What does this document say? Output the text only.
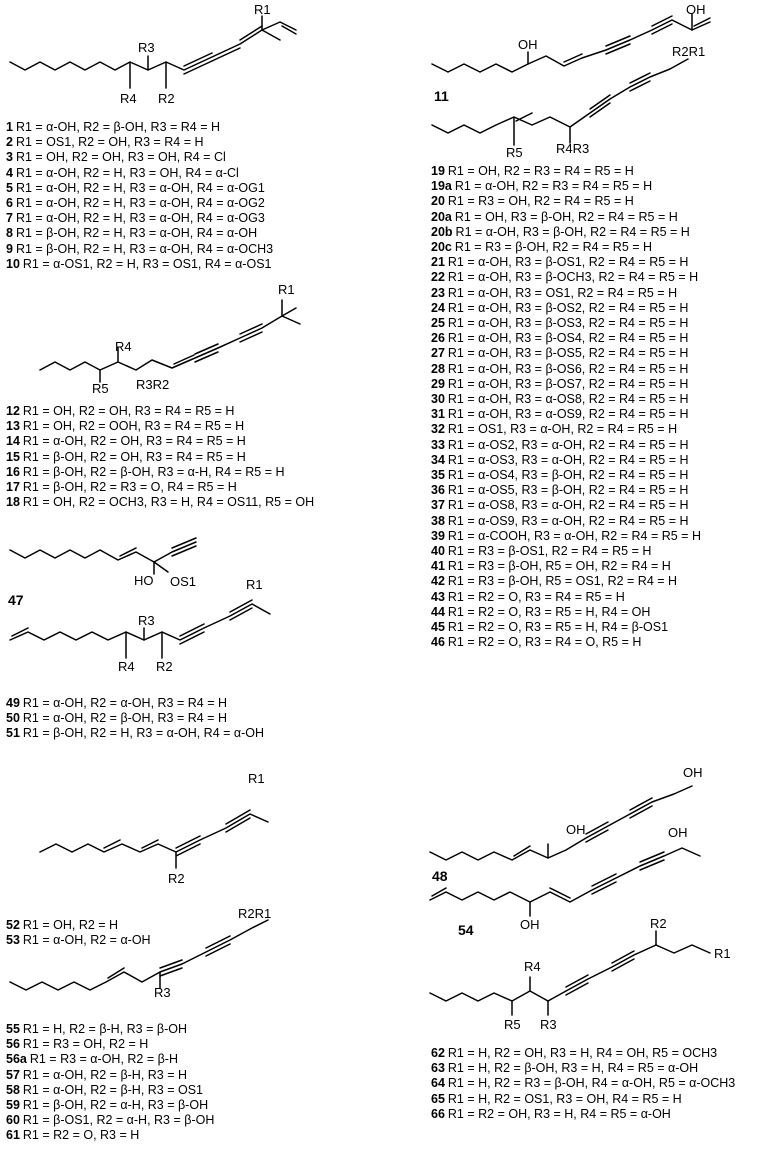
R1
R3
R4 R2
1 R1 = α-OH, R2 = β-OH, R3 = R4 = H
2 R1 = OS1, R2 = OH, R3 = R4 = H
3 R1 = OH, R2 = OH, R3 = OH, R4 = Cl
4 R1 = α-OH, R2 = H, R3 = OH, R4 = α-Cl
5 R1 = α-OH, R2 = H, R3 = α-OH, R4 = α-OG1
6 R1 = α-OH, R2 = H, R3 = α-OH, R4 = α-OG2
7 R1 = α-OH, R2 = H, R3 = α-OH, R4 = α-OG3
8 R1 = β-OH, R2 = H, R3 = α-OH, R4 = α-OH
9 R1 = β-OH, R2 = H, R3 = α-OH, R4 = α-OCH3
10 R1 = α-OS1, R2 = H, R3 = OS1, R4 = α-OS1
R1
R4
R5 R3R2
12 R1 = OH, R2 = OH, R3 = R4 = R5 = H
13 R1 = OH, R2 = OOH, R3 = R4 = R5 = H
14 R1 = α-OH, R2 = OH, R3 = R4 = R5 = H
15 R1 = β-OH, R2 = OH, R3 = R4 = R5 = H
16 R1 = β-OH, R2 = β-OH, R3 = α-H, R4 = R5 = H
17 R1 = β-OH, R2 = R3 = O, R4 = R5 = H
18 R1 = OH, R2 = OCH3, R3 = H, R4 = OS11, R5 = OH
47
HO OS1	R1
R3
R4 R2
49 R1 = α-OH, R2 = α-OH, R3 = R4 = H
50 R1 = α-OH, R2 = β-OH, R3 = R4 = H
51 R1 = β-OH, R2 = H, R3 = α-OH, R4 = α-OH
R1
R2
52 R1 = OH, R2 = H
53 R1 = α-OH, R2 = α-OH
R2R1
R3
55 R1 = H, R2 = β-H, R3 = β-OH
56 R1 = R3 = OH, R2 = H
56a R1 = R3 = α-OH, R2 = β-H
57 R1 = α-OH, R2 = β-H, R3 = H
58 R1 = α-OH, R2 = β-H, R3 = OS1
59 R1 = β-OH, R2 = α-H, R3 = β-OH
60 R1 = β-OS1, R2 = α-H, R3 = β-OH
61 R1 = R2 = O, R3 = H
11
OH
OH
R2R1
R4R3
R5
19 R1 = OH, R2 = R3 = R4 = R5 = H
19a R1 = α-OH, R2 = R3 = R4 = R5 = H
20 R1 = R3 = OH, R2 = R4 = R5 = H
20a R1 = OH, R3 = β-OH, R2 = R4 = R5 = H
20b R1 = α-OH, R3 = β-OH, R2 = R4 = R5 = H
20c R1 = R3 = β-OH, R2 = R4 = R5 = H
21 R1 = α-OH, R3 = β-OS1, R2 = R4 = R5 = H
22 R1 = α-OH, R3 = β-OCH3, R2 = R4 = R5 = H
23 R1 = α-OH, R3 = OS1, R2 = R4 = R5 = H
24 R1 = α-OH, R3 = β-OS2, R2 = R4 = R5 = H
25 R1 = α-OH, R3 = β-OS3, R2 = R4 = R5 = H
26 R1 = α-OH, R3 = β-OS4, R2 = R4 = R5 = H
27 R1 = α-OH, R3 = β-OS5, R2 = R4 = R5 = H
28 R1 = α-OH, R3 = β-OS6, R2 = R4 = R5 = H
29 R1 = α-OH, R3 = β-OS7, R2 = R4 = R5 = H
30 R1 = α-OH, R3 = α-OS8, R2 = R4 = R5 = H
31 R1 = α-OH, R3 = α-OS9, R2 = R4 = R5 = H
32 R1 = OS1, R3 = α-OH, R2 = R4 = R5 = H
33 R1 = α-OS2, R3 = α-OH, R2 = R4 = R5 = H
34 R1 = α-OS3, R3 = α-OH, R2 = R4 = R5 = H
35 R1 = α-OS4, R3 = β-OH, R2 = R4 = R5 = H
36 R1 = α-OS5, R3 = β-OH, R2 = R4 = R5 = H
37 R1 = α-OS8, R3 = α-OH, R2 = R4 = R5 = H
38 R1 = α-OS9, R3 = α-OH, R2 = R4 = R5 = H
39 R1 = α-COOH, R3 = α-OH, R2 = R4 = R5 = H
40 R1 = R3 = β-OS1, R2 = R4 = R5 = H
41 R1 = R3 = β-OH, R5 = OH, R2 = R4 = H
42 R1 = R3 = β-OH, R5 = OS1, R2 = R4 = H
43 R1 = R2 = O, R3 = R4 = R5 = H
44 R1 = R2 = O, R3 = R5 = H, R4 = OH
45 R1 = R2 = O, R3 = R5 = H, R4 = β-OS1
46 R1 = R2 = O, R3 = R4 = O, R5 = H
48
OH
OH
54	OH
OH
R2
R1
R4
R5 R3
62 R1 = H, R2 = OH, R3 = H, R4 = OH, R5 = OCH3
63 R1 = H, R2 = β-OH, R3 = H, R4 = R5 = α-OH
64 R1 = H, R2 = R3 = β-OH, R4 = α-OH, R5 = α-OCH3
65 R1 = H, R2 = OS1, R3 = OH, R4 = R5 = H
66 R1 = R2 = OH, R3 = H, R4 = R5 = α-OH
